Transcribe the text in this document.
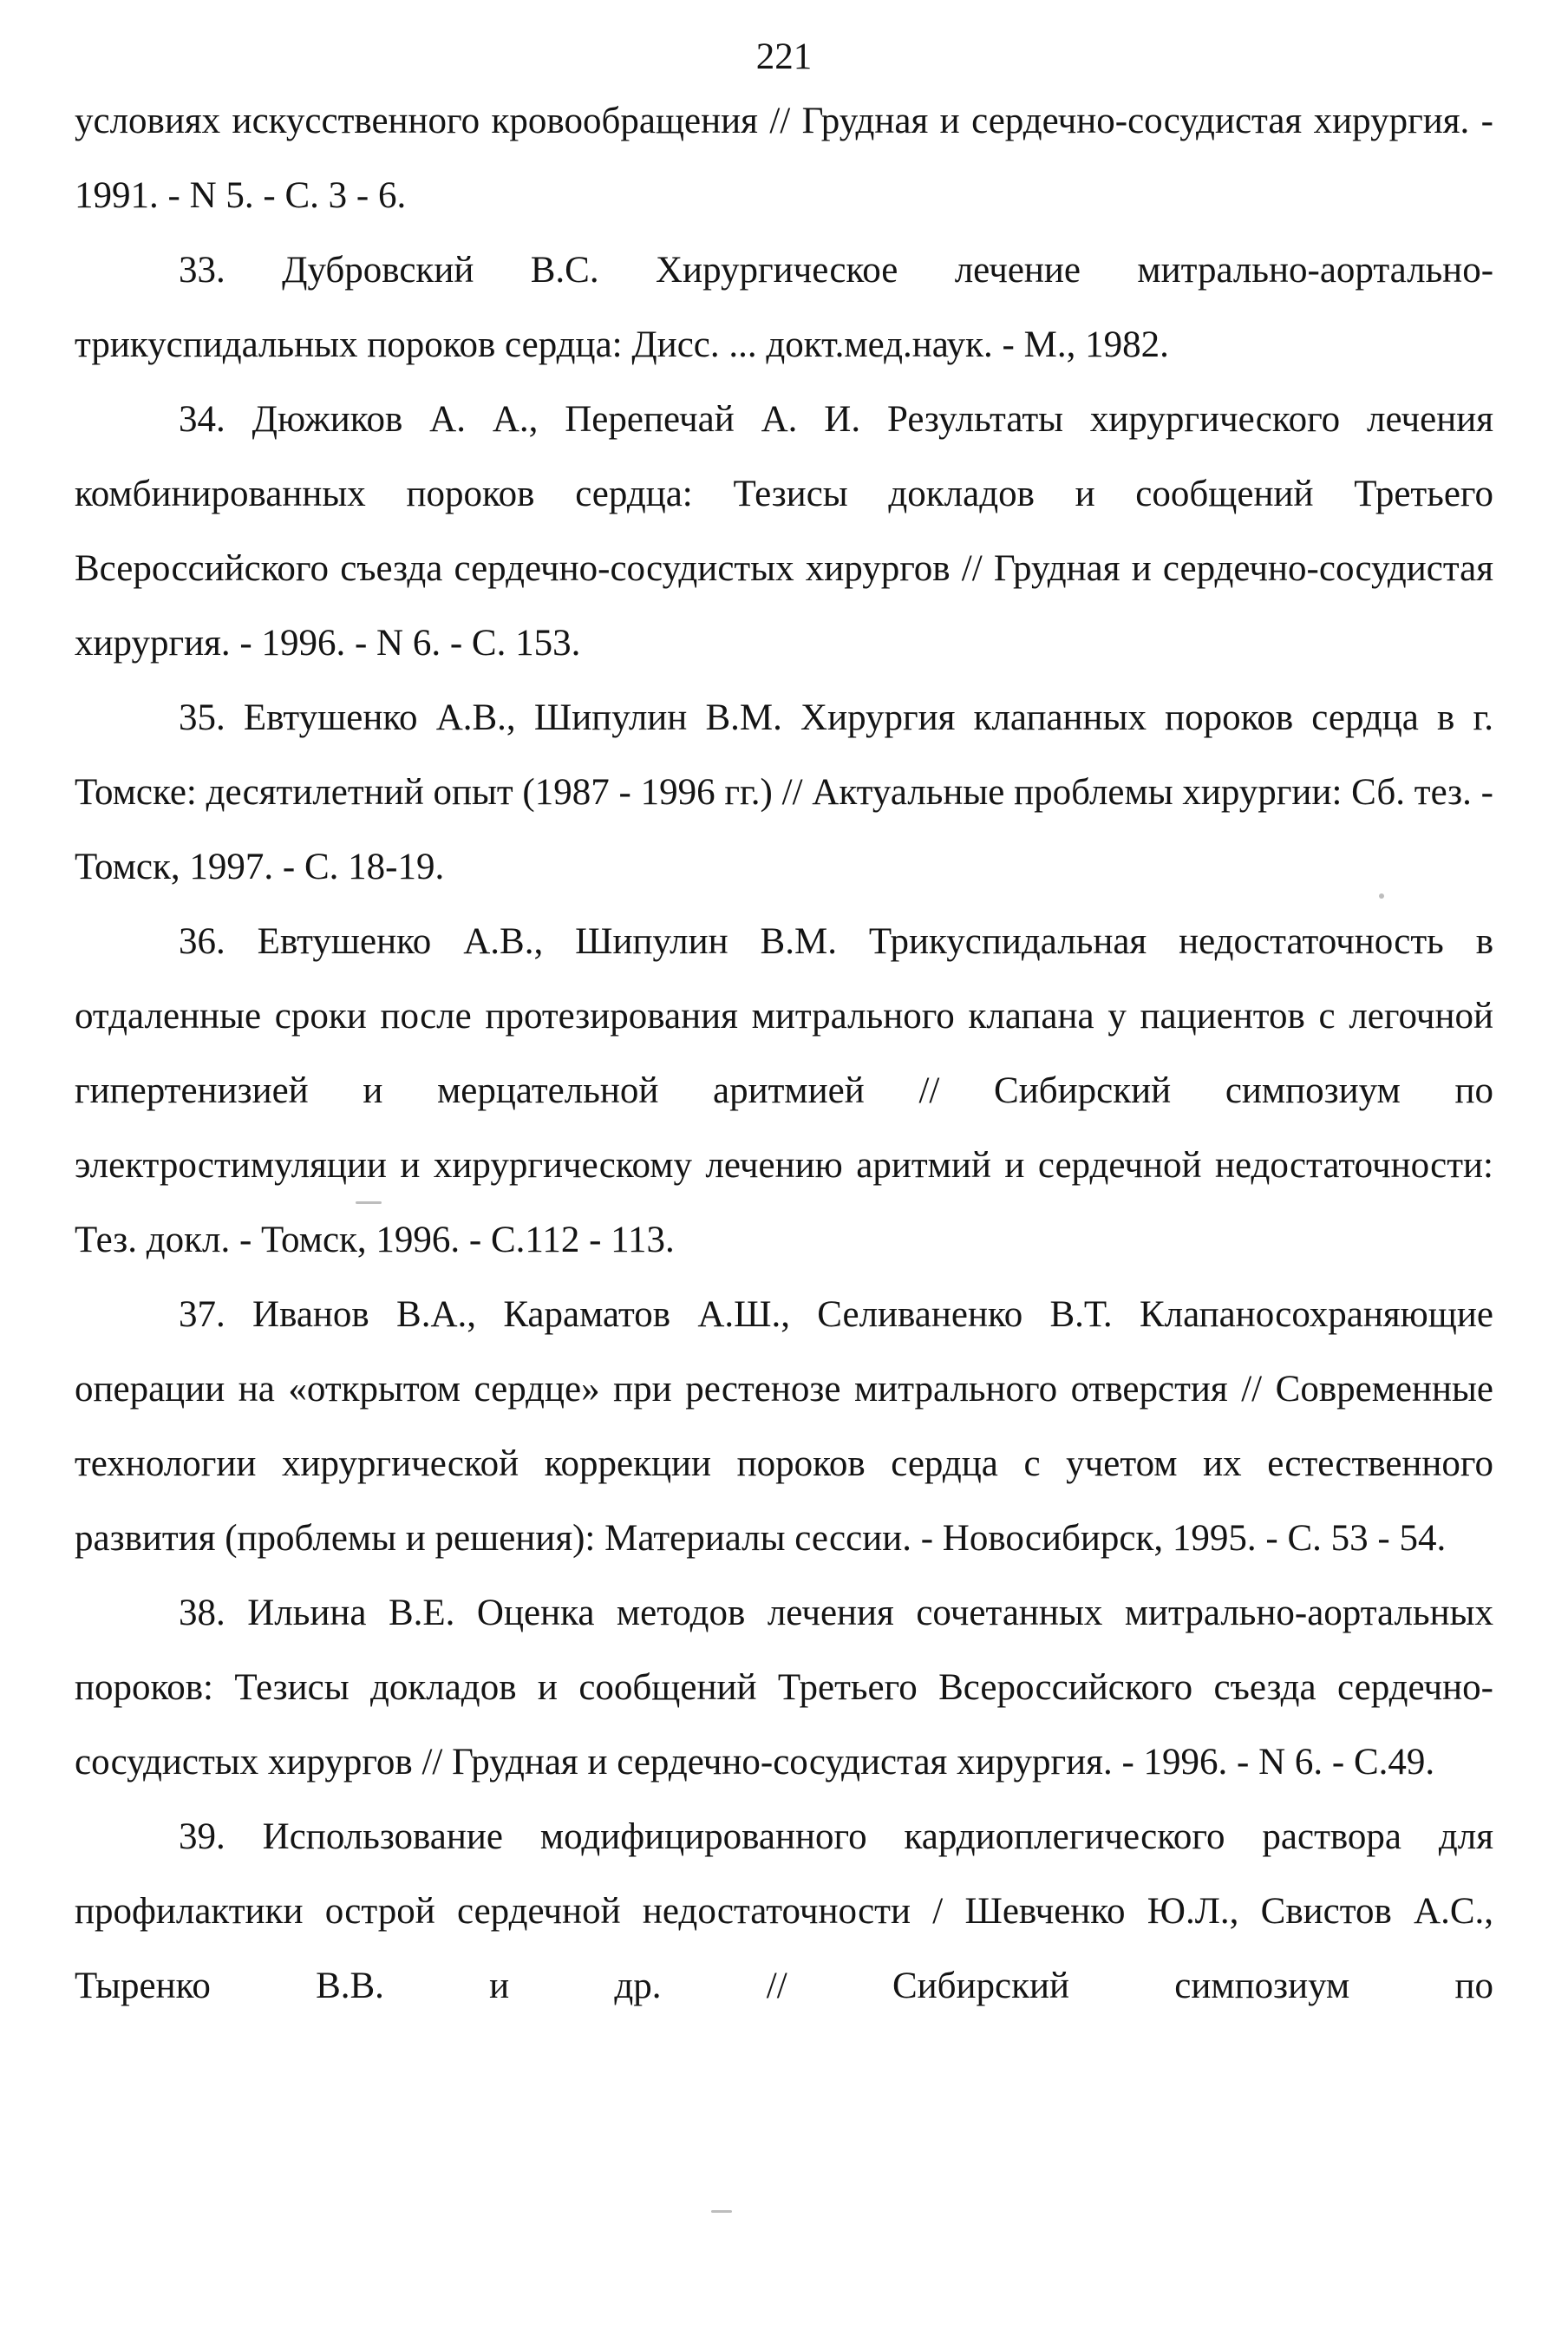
221

условиях искусственного кровообращения // Грудная и сердечно-сосудистая хирургия. - 1991. - N 5. - С. 3 - 6.

33. Дубровский В.С. Хирургическое лечение митрально-аортально-трикуспидальных пороков сердца: Дисс. ... докт.мед.наук. - М., 1982.

34. Дюжиков А. А., Перепечай А. И. Результаты хирургического лечения комбинированных пороков сердца: Тезисы докладов и сообщений Третьего Всероссийского съезда сердечно-сосудистых хирургов // Грудная и сердечно-сосудистая хирургия. - 1996. - N 6. - С. 153.

35. Евтушенко А.В., Шипулин В.М. Хирургия клапанных пороков сердца в г. Томске: десятилетний опыт (1987 - 1996 гг.) // Актуальные проблемы хирургии: Сб. тез. - Томск, 1997. - С. 18-19.

36. Евтушенко А.В., Шипулин В.М. Трикуспидальная недостаточность в отдаленные сроки после протезирования митрального клапана у пациентов с легочной гипертенизией и мерцательной аритмией // Сибирский симпозиум по электростимуляции и хирургическому лечению аритмий и сердечной недостаточности: Тез. докл. - Томск, 1996. - С.112 - 113.

37. Иванов В.А., Караматов А.Ш., Селиваненко В.Т. Клапаносохраняющие операции на «открытом сердце» при рестенозе митрального отверстия // Современные технологии хирургической коррекции пороков сердца с учетом их естественного развития (проблемы и решения): Материалы сессии. - Новосибирск, 1995. - С. 53 - 54.

38. Ильина В.Е. Оценка методов лечения сочетанных митрально-аортальных пороков: Тезисы докладов и сообщений Третьего Всероссийского съезда сердечно-сосудистых хирургов // Грудная и сердечно-сосудистая хирургия. - 1996. - N 6. - С.49.

39. Использование модифицированного кардиоплегического раствора для профилактики острой сердечной недостаточности / Шевченко Ю.Л., Свистов А.С., Тыренко В.В. и др. // Сибирский симпозиум по
